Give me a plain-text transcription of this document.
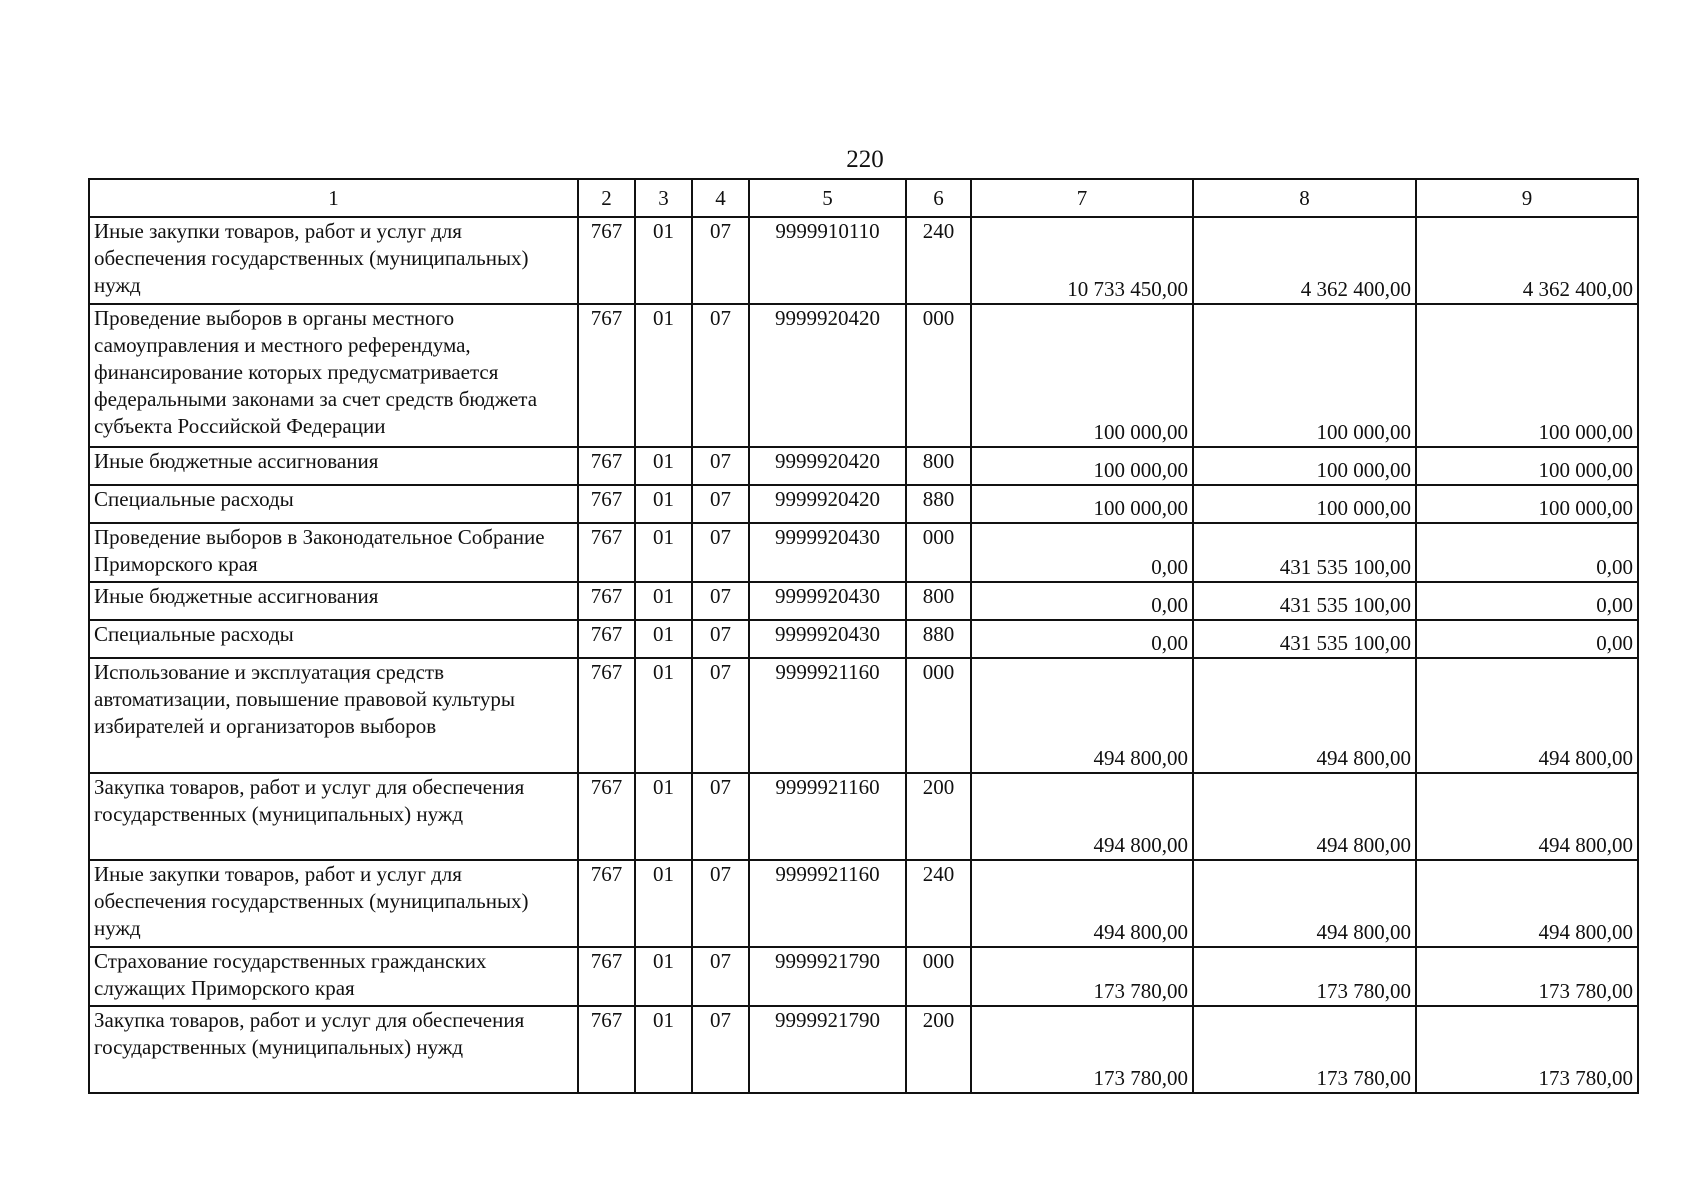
220
1	2	3	4	5	6	7	8	9
Иные закупки товаров, работ и услуг для обеспечения государственных (муниципальных) нужд	767	01	07	9999910110	240	10 733 450,00	4 362 400,00	4 362 400,00
Проведение выборов в органы местного самоуправления и местного референдума, финансирование которых предусматривается федеральными законами за счет средств бюджета субъекта Российской Федерации	767	01	07	9999920420	000	100 000,00	100 000,00	100 000,00
Иные бюджетные ассигнования	767	01	07	9999920420	800	100 000,00	100 000,00	100 000,00
Специальные расходы	767	01	07	9999920420	880	100 000,00	100 000,00	100 000,00
Проведение выборов в Законодательное Собрание Приморского края	767	01	07	9999920430	000	0,00	431 535 100,00	0,00
Иные бюджетные ассигнования	767	01	07	9999920430	800	0,00	431 535 100,00	0,00
Специальные расходы	767	01	07	9999920430	880	0,00	431 535 100,00	0,00
Использование и эксплуатация средств автоматизации, повышение правовой культуры избирателей и организаторов выборов	767	01	07	9999921160	000	494 800,00	494 800,00	494 800,00
Закупка товаров, работ и услуг для обеспечения государственных (муниципальных) нужд	767	01	07	9999921160	200	494 800,00	494 800,00	494 800,00
Иные закупки товаров, работ и услуг для обеспечения государственных (муниципальных) нужд	767	01	07	9999921160	240	494 800,00	494 800,00	494 800,00
Страхование государственных гражданских служащих Приморского края	767	01	07	9999921790	000	173 780,00	173 780,00	173 780,00
Закупка товаров, работ и услуг для обеспечения государственных (муниципальных) нужд	767	01	07	9999921790	200	173 780,00	173 780,00	173 780,00
